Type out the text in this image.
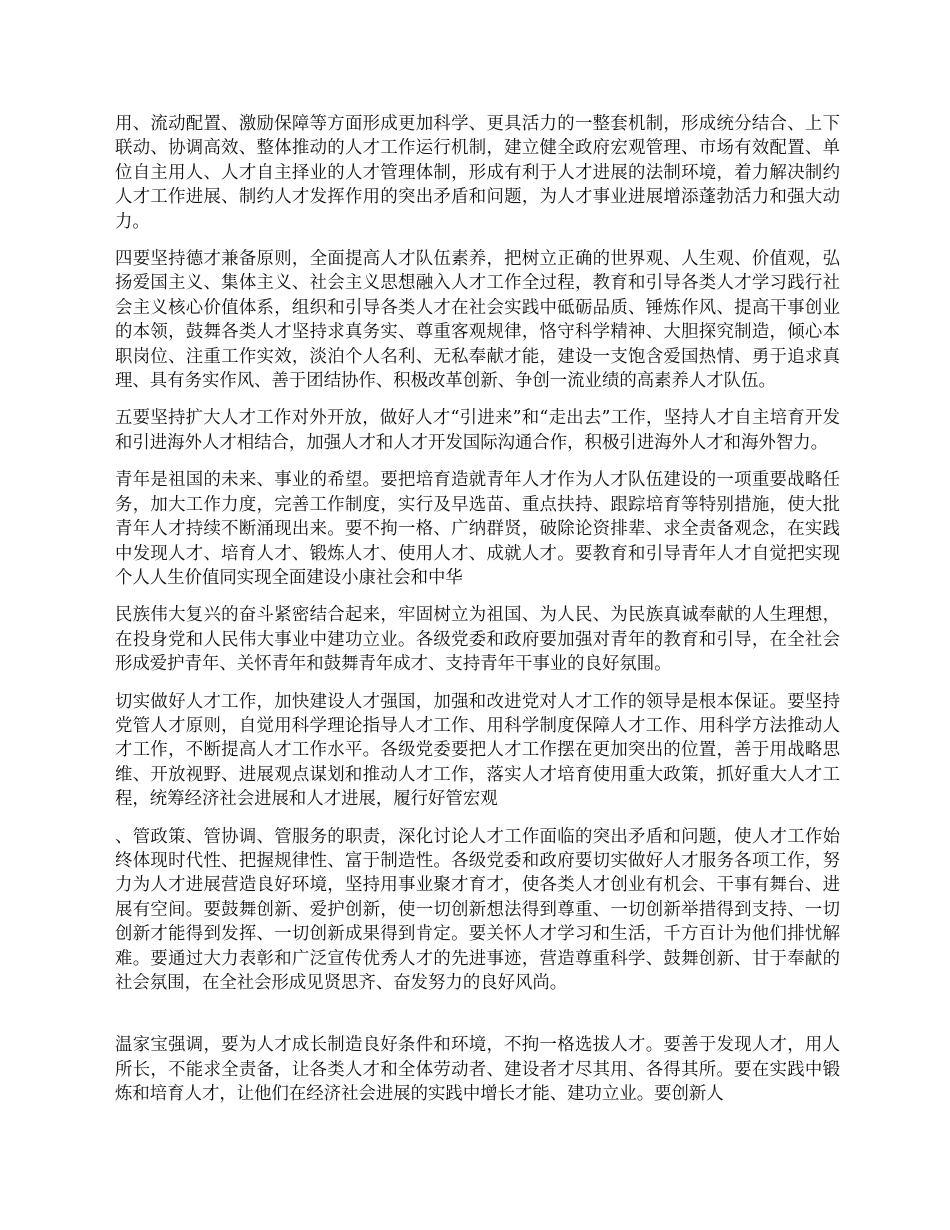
用、流动配置、激励保障等方面形成更加科学、更具活力的一整套机制，形成统分结合、上下联动、协调高效、整体推动的人才工作运行机制，建立健全政府宏观管理、市场有效配置、单位自主用人、人才自主择业的人才管理体制，形成有利于人才进展的法制环境，着力解决制约人才工作进展、制约人才发挥作用的突出矛盾和问题，为人才事业进展增添蓬勃活力和强大动力。

四要坚持德才兼备原则，全面提高人才队伍素养，把树立正确的世界观、人生观、价值观，弘扬爱国主义、集体主义、社会主义思想融入人才工作全过程，教育和引导各类人才学习践行社会主义核心价值体系，组织和引导各类人才在社会实践中砥砺品质、锤炼作风、提高干事创业的本领，鼓舞各类人才坚持求真务实、尊重客观规律，恪守科学精神、大胆探究制造，倾心本职岗位、注重工作实效，淡泊个人名利、无私奉献才能，建设一支饱含爱国热情、勇于追求真理、具有务实作风、善于团结协作、积极改革创新、争创一流业绩的高素养人才队伍。

五要坚持扩大人才工作对外开放，做好人才“引进来”和“走出去”工作，坚持人才自主培育开发和引进海外人才相结合，加强人才和人才开发国际沟通合作，积极引进海外人才和海外智力。

青年是祖国的未来、事业的希望。要把培育造就青年人才作为人才队伍建设的一项重要战略任务，加大工作力度，完善工作制度，实行及早选苗、重点扶持、跟踪培育等特别措施，使大批青年人才持续不断涌现出来。要不拘一格、广纳群贤，破除论资排辈、求全责备观念，在实践中发现人才、培育人才、锻炼人才、使用人才、成就人才。要教育和引导青年人才自觉把实现个人人生价值同实现全面建设小康社会和中华

民族伟大复兴的奋斗紧密结合起来，牢固树立为祖国、为人民、为民族真诚奉献的人生理想，在投身党和人民伟大事业中建功立业。各级党委和政府要加强对青年的教育和引导，在全社会形成爱护青年、关怀青年和鼓舞青年成才、支持青年干事业的良好氛围。

切实做好人才工作，加快建设人才强国，加强和改进党对人才工作的领导是根本保证。要坚持党管人才原则，自觉用科学理论指导人才工作、用科学制度保障人才工作、用科学方法推动人才工作，不断提高人才工作水平。各级党委要把人才工作摆在更加突出的位置，善于用战略思维、开放视野、进展观点谋划和推动人才工作，落实人才培育使用重大政策，抓好重大人才工程，统筹经济社会进展和人才进展，履行好管宏观

、管政策、管协调、管服务的职责，深化讨论人才工作面临的突出矛盾和问题，使人才工作始终体现时代性、把握规律性、富于制造性。各级党委和政府要切实做好人才服务各项工作，努力为人才进展营造良好环境，坚持用事业聚才育才，使各类人才创业有机会、干事有舞台、进展有空间。要鼓舞创新、爱护创新，使一切创新想法得到尊重、一切创新举措得到支持、一切创新才能得到发挥、一切创新成果得到肯定。要关怀人才学习和生活，千方百计为他们排忧解难。要通过大力表彰和广泛宣传优秀人才的先进事迹，营造尊重科学、鼓舞创新、甘于奉献的社会氛围，在全社会形成见贤思齐、奋发努力的良好风尚。

温家宝强调，要为人才成长制造良好条件和环境，不拘一格选拔人才。要善于发现人才，用人所长，不能求全责备，让各类人才和全体劳动者、建设者才尽其用、各得其所。要在实践中锻炼和培育人才，让他们在经济社会进展的实践中增长才能、建功立业。要创新人
